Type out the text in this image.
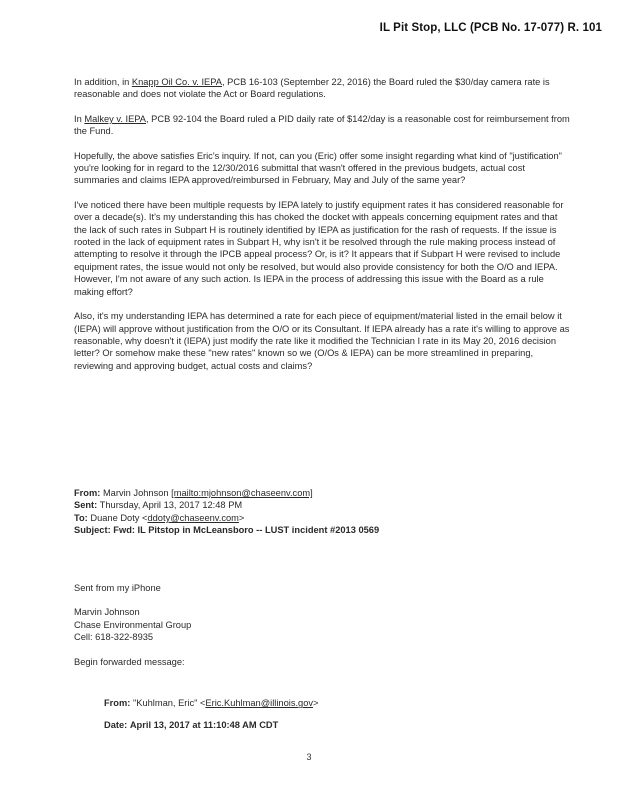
IL Pit Stop, LLC (PCB No. 17-077) R. 101

In addition, in Knapp Oil Co. v. IEPA, PCB 16-103 (September 22, 2016) the Board ruled the $30/day camera rate is reasonable and does not violate the Act or Board regulations.

In Malkey v. IEPA, PCB 92-104 the Board ruled a PID daily rate of $142/day is a reasonable cost for reimbursement from the Fund.

Hopefully, the above satisfies Eric's inquiry. If not, can you (Eric) offer some insight regarding what kind of "justification" you're looking for in regard to the 12/30/2016 submittal that wasn't offered in the previous budgets, actual cost summaries and claims IEPA approved/reimbursed in February, May and July of the same year?

I've noticed there have been multiple requests by IEPA lately to justify equipment rates it has considered reasonable for over a decade(s). It's my understanding this has choked the docket with appeals concerning equipment rates and that the lack of such rates in Subpart H is routinely identified by IEPA as justification for the rash of requests. If the issue is rooted in the lack of equipment rates in Subpart H, why isn't it be resolved through the rule making process instead of attempting to resolve it through the IPCB appeal process? Or, is it? It appears that if Subpart H were revised to include equipment rates, the issue would not only be resolved, but would also provide consistency for both the O/O and IEPA. However, I'm not aware of any such action. Is IEPA in the process of addressing this issue with the Board as a rule making effort?

Also, it's my understanding IEPA has determined a rate for each piece of equipment/material listed in the email below it (IEPA) will approve without justification from the O/O or its Consultant. If IEPA already has a rate it's willing to approve as reasonable, why doesn't it (IEPA) just modify the rate like it modified the Technician I rate in its May 20, 2016 decision letter? Or somehow make these "new rates" known so we (O/Os & IEPA) can be more streamlined in preparing, reviewing and approving budget, actual costs and claims?

From: Marvin Johnson [mailto:mjohnson@chaseenv.com]

Sent: Thursday, April 13, 2017 12:48 PM

To: Duane Doty <ddoty@chaseenv.com>

Subject: Fwd: IL Pitstop in McLeansboro -- LUST incident #2013 0569

Sent from my iPhone

Marvin Johnson

Chase Environmental Group

Cell: 618-322-8935

Begin forwarded message:

From: "Kuhlman, Eric" <Eric.Kuhlman@illinois.gov>

Date: April 13, 2017 at 11:10:48 AM CDT

3
